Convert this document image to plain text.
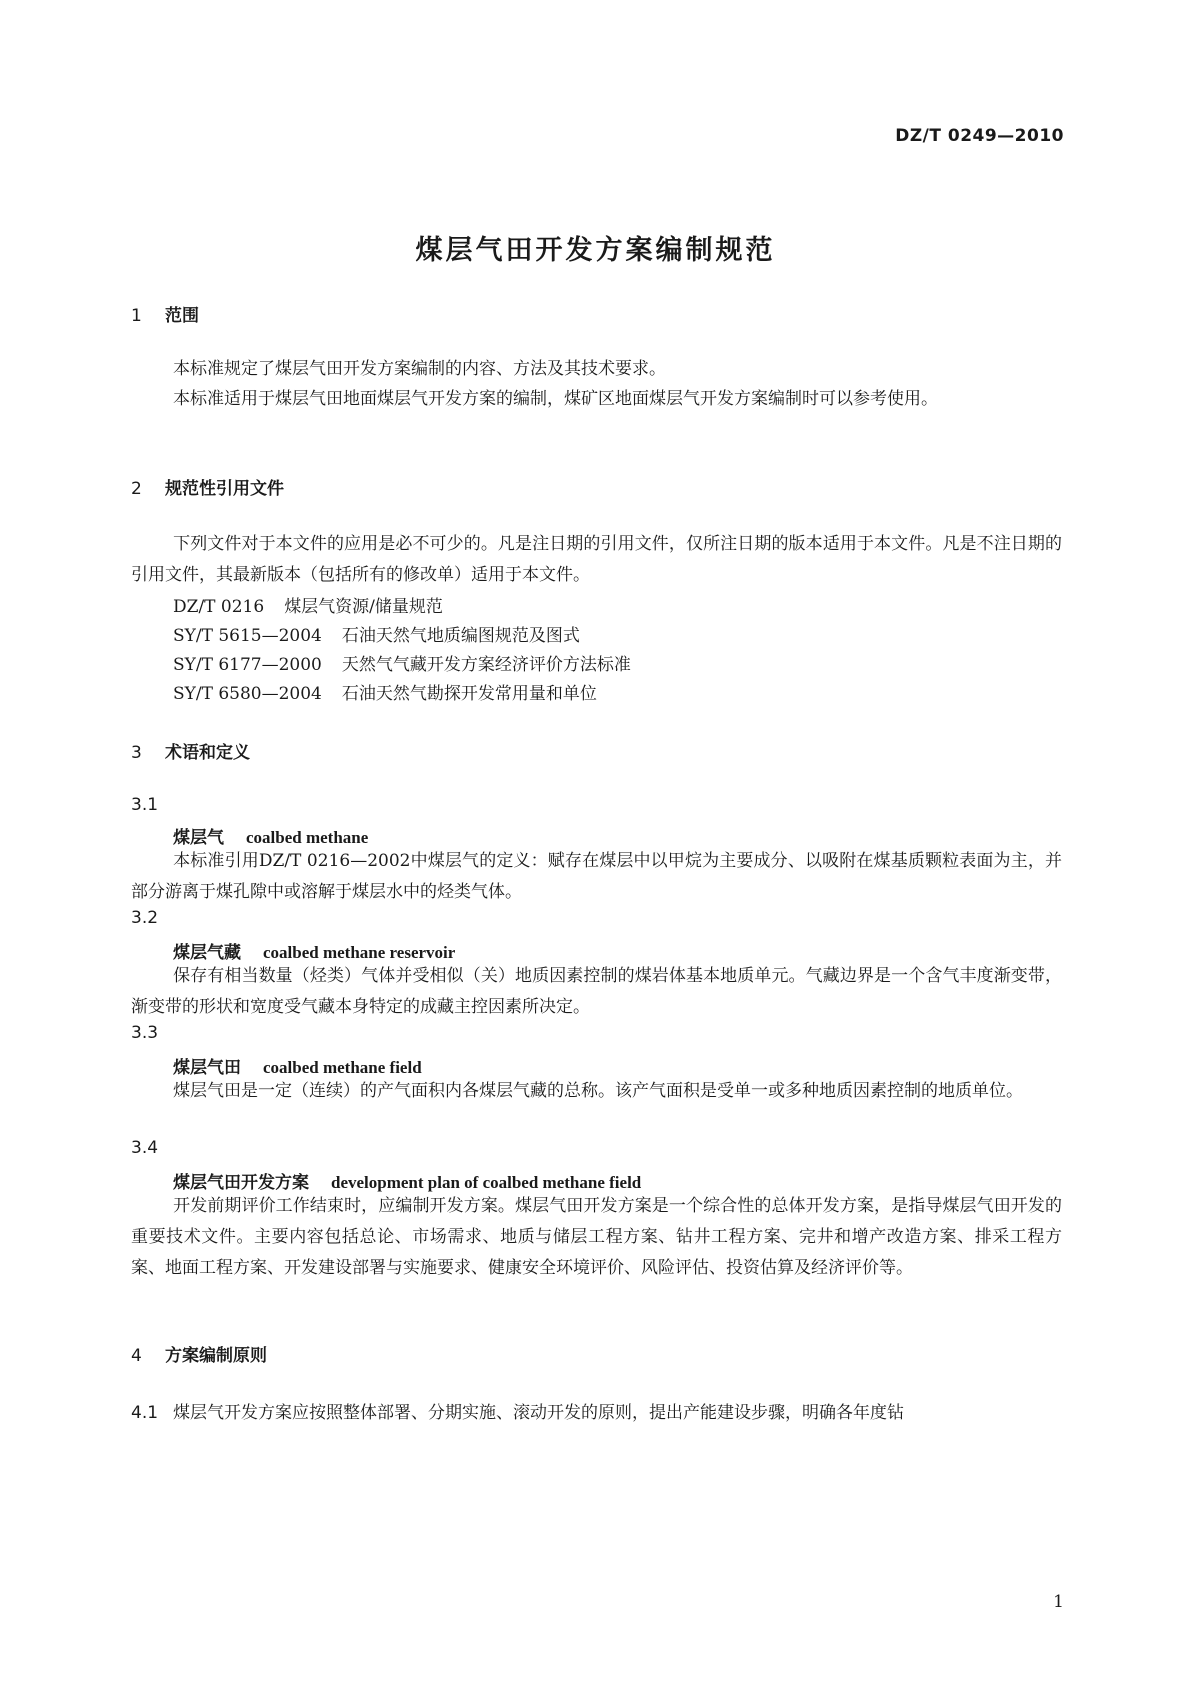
DZ/T 0249—2010
煤层气田开发方案编制规范
1 范围
本标准规定了煤层气田开发方案编制的内容、方法及其技术要求。
本标准适用于煤层气田地面煤层气开发方案的编制，煤矿区地面煤层气开发方案编制时可以参考使用。
2 规范性引用文件
下列文件对于本文件的应用是必不可少的。凡是注日期的引用文件，仅所注日期的版本适用于本文件。凡是不注日期的引用文件，其最新版本（包括所有的修改单）适用于本文件。
DZ/T 0216 煤层气资源/储量规范
SY/T 5615—2004 石油天然气地质编图规范及图式
SY/T 6177—2000 天然气气藏开发方案经济评价方法标准
SY/T 6580—2004 石油天然气勘探开发常用量和单位
3 术语和定义
3.1
煤层气 coalbed methane
本标准引用DZ/T 0216—2002中煤层气的定义：赋存在煤层中以甲烷为主要成分、以吸附在煤基质颗粒表面为主，并部分游离于煤孔隙中或溶解于煤层水中的烃类气体。
3.2
煤层气藏 coalbed methane reservoir
保存有相当数量（烃类）气体并受相似（关）地质因素控制的煤岩体基本地质单元。气藏边界是一个含气丰度渐变带，渐变带的形状和宽度受气藏本身特定的成藏主控因素所决定。
3.3
煤层气田 coalbed methane field
煤层气田是一定（连续）的产气面积内各煤层气藏的总称。该产气面积是受单一或多种地质因素控制的地质单位。
3.4
煤层气田开发方案 development plan of coalbed methane field
开发前期评价工作结束时，应编制开发方案。煤层气田开发方案是一个综合性的总体开发方案，是指导煤层气田开发的重要技术文件。主要内容包括总论、市场需求、地质与储层工程方案、钻井工程方案、完井和增产改造方案、排采工程方案、地面工程方案、开发建设部署与实施要求、健康安全环境评价、风险评估、投资估算及经济评价等。
4 方案编制原则
4.1 煤层气开发方案应按照整体部署、分期实施、滚动开发的原则，提出产能建设步骤，明确各年度钻
1
